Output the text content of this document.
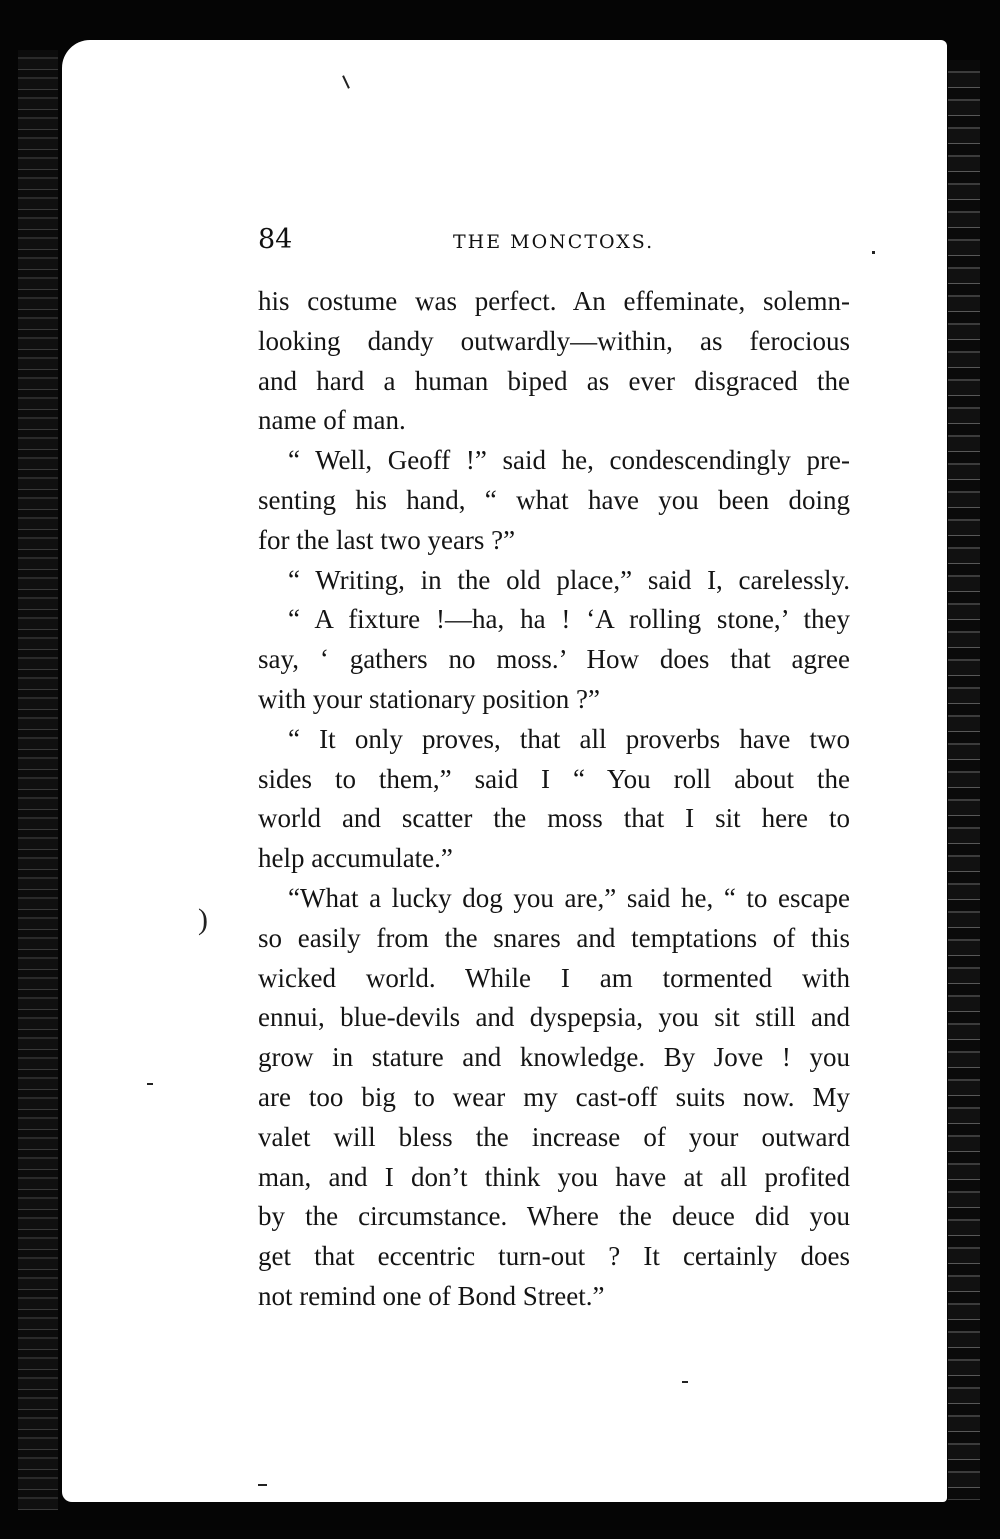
84	THE MONCTOXS.
his costume was perfect. An effeminate, solemn-
looking dandy outwardly—within, as ferocious
and hard a human biped as ever disgraced the
name of man.
“ Well, Geoff !” said he, condescendingly pre-
senting his hand, “ what have you been doing
for the last two years ?”
“ Writing, in the old place,” said I, carelessly.
“ A fixture !—ha, ha ! ‘A rolling stone,’ they
say, ‘ gathers no moss.’ How does that agree
with your stationary position ?”
“ It only proves, that all proverbs have two
sides to them,” said I “ You roll about the
world and scatter the moss that I sit here to
help accumulate.”
“What a lucky dog you are,” said he, “ to escape
so easily from the snares and temptations of this
wicked world. While I am tormented with
ennui, blue-devils and dyspepsia, you sit still and
grow in stature and knowledge. By Jove ! you
are too big to wear my cast-off suits now. My
valet will bless the increase of your outward
man, and I don’t think you have at all profited
by the circumstance. Where the deuce did you
get that eccentric turn-out ? It certainly does
not remind one of Bond Street.”
)
